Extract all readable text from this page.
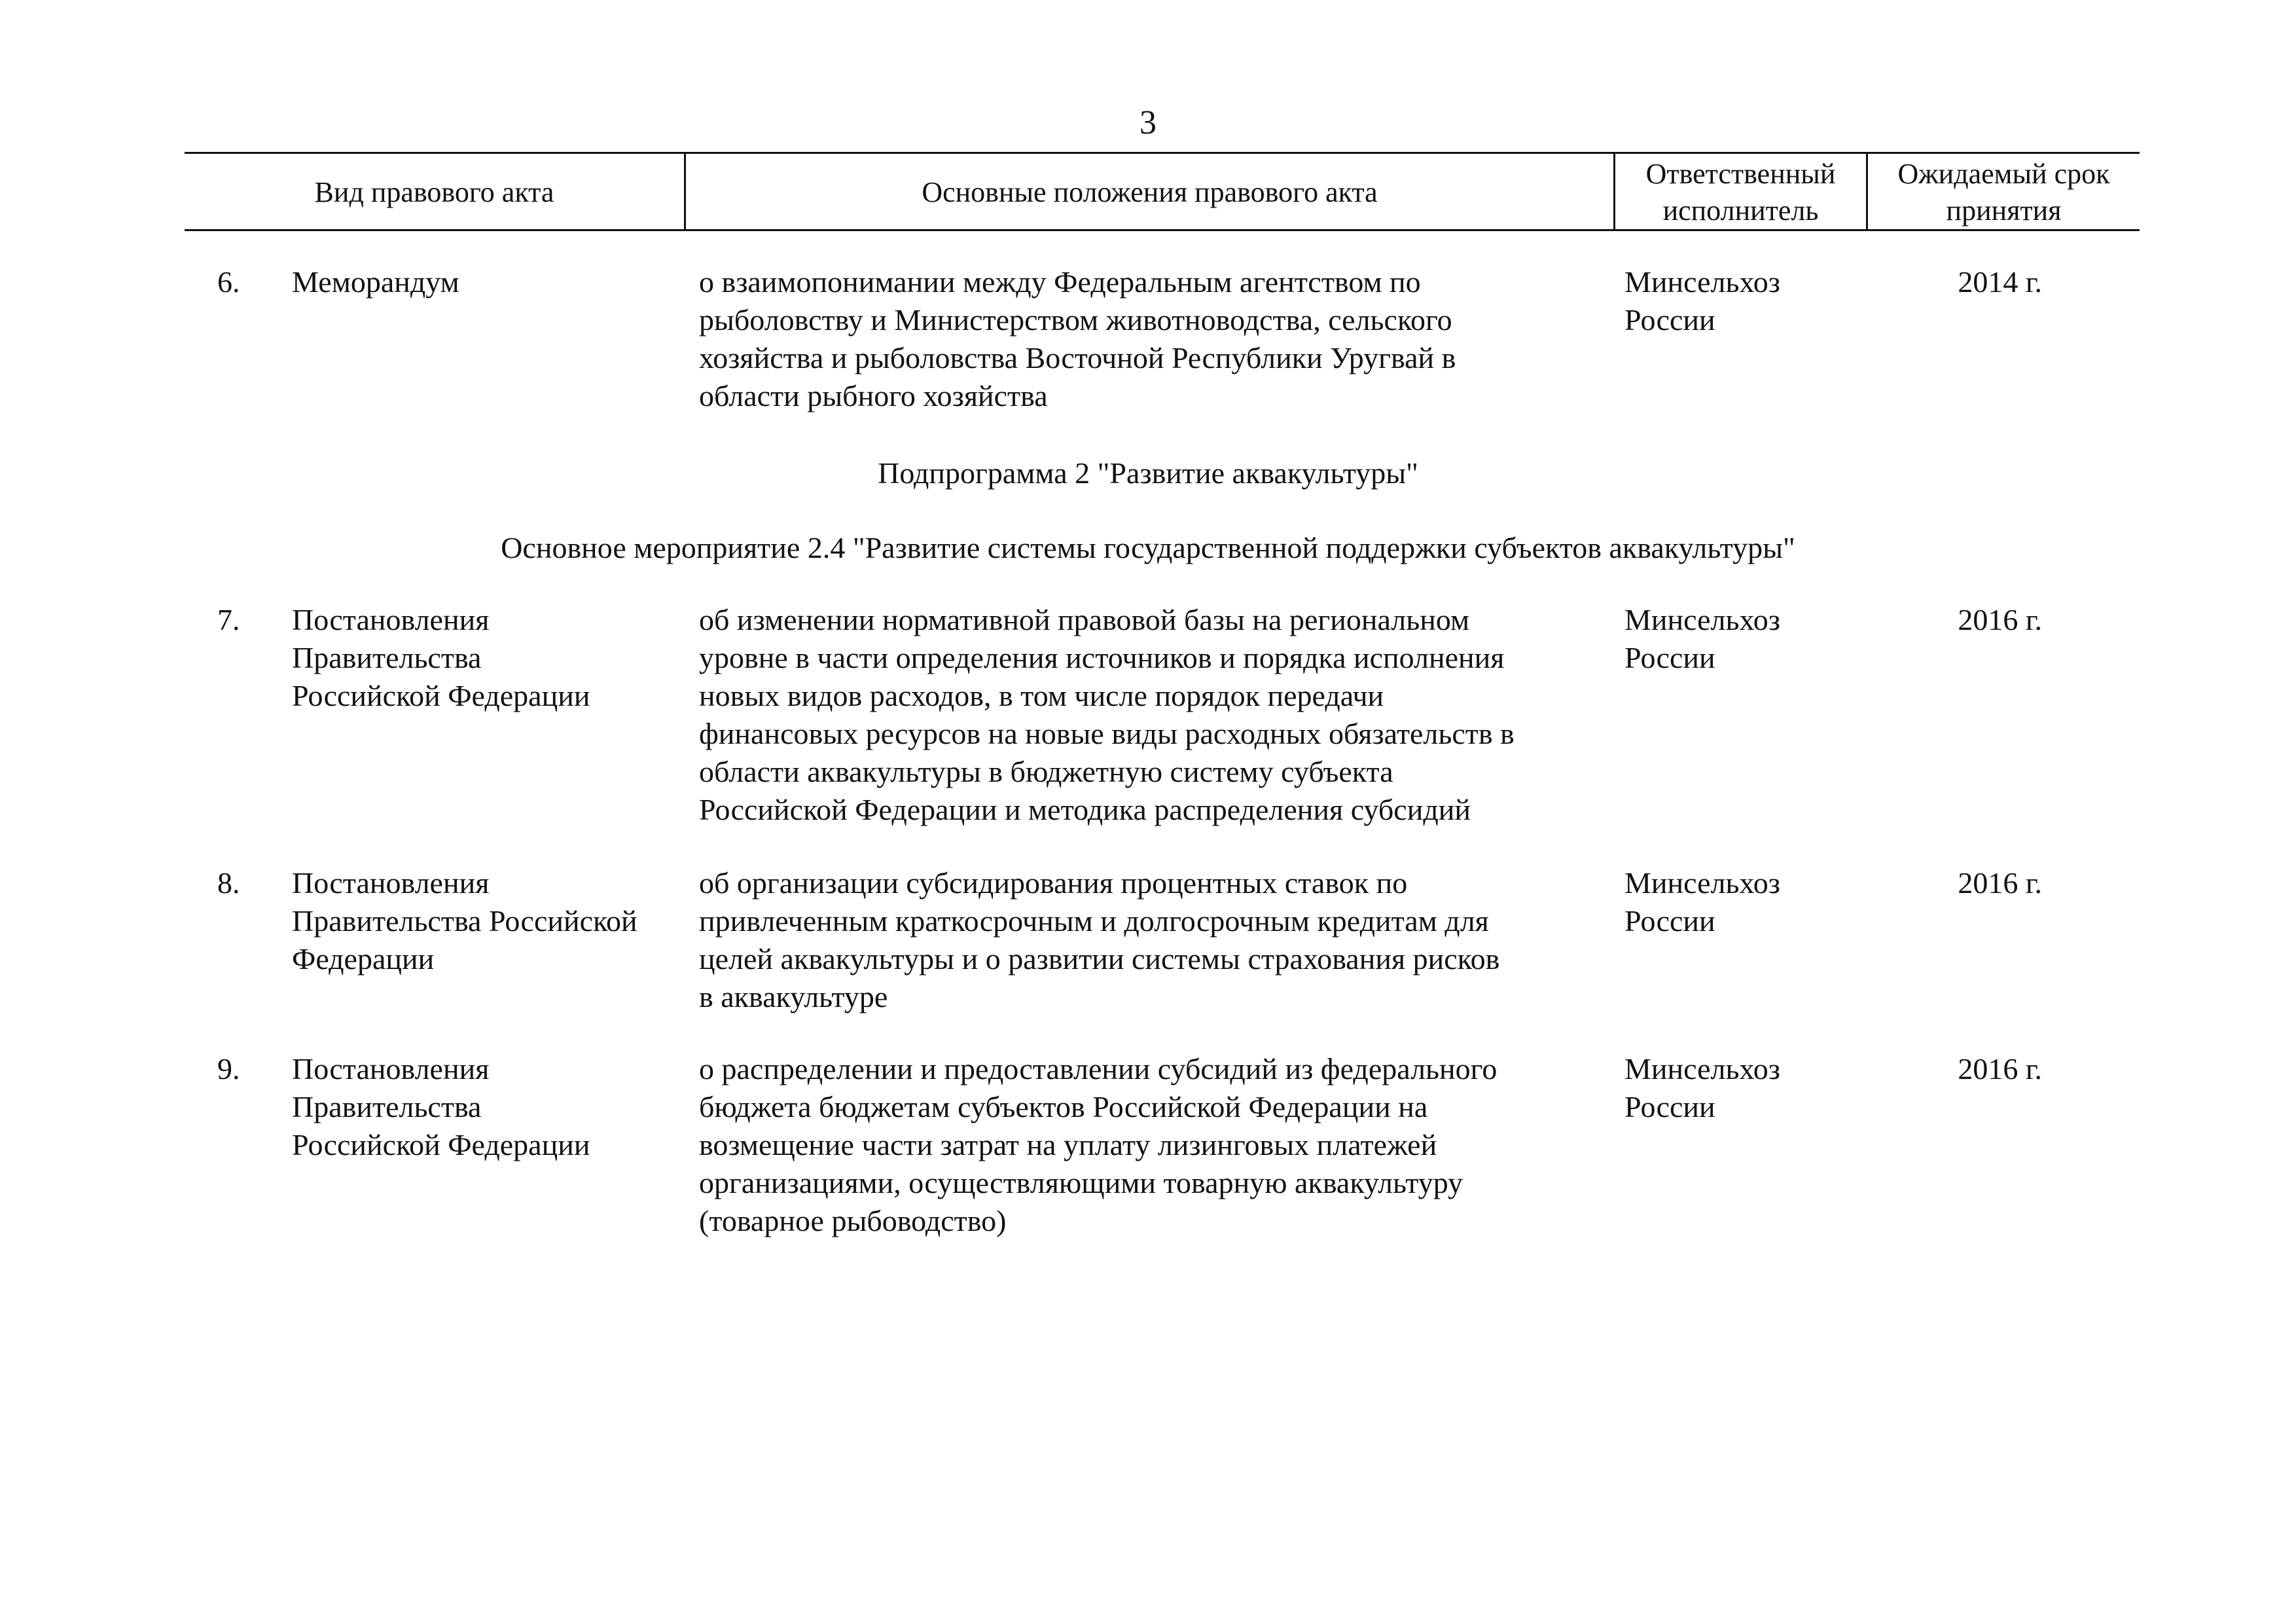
3
Вид правового акта	Основные положения правового акта
Ответственный
исполнитель
Ожидаемый срок
принятия
6. Меморандум	о взаимопонимании между Федеральным агентством по
рыболовству и Министерством животноводства, сельского
хозяйства и рыболовства Восточной Республики Уругвай в
области рыбного хозяйства
Минсельхоз
России
2014 г.
Подпрограмма 2 "Развитие аквакультуры"
Основное мероприятие 2.4 "Развитие системы государственной поддержки субъектов аквакультуры"
7. Постановления
Правительства
Российской Федерации
об изменении нормативной правовой базы на региональном
уровне в части определения источников и порядка исполнения
новых видов расходов, в том числе порядок передачи
финансовых ресурсов на новые виды расходных обязательств в
области аквакультуры в бюджетную систему субъекта
Российской Федерации и методика распределения субсидий
Минсельхоз
России
2016 г.
8. Постановления
Правительства Российской
Федерации
об организации субсидирования процентных ставок по
привлеченным краткосрочным и долгосрочным кредитам для
целей аквакультуры и о развитии системы страхования рисков
в аквакультуре
Минсельхоз
России
2016 г.
9. Постановления
Правительства
Российской Федерации
о распределении и предоставлении субсидий из федерального
бюджета бюджетам субъектов Российской Федерации на
возмещение части затрат на уплату лизинговых платежей
организациями, осуществляющими товарную аквакультуру
(товарное рыбоводство)
Минсельхоз
России
2016 г.
